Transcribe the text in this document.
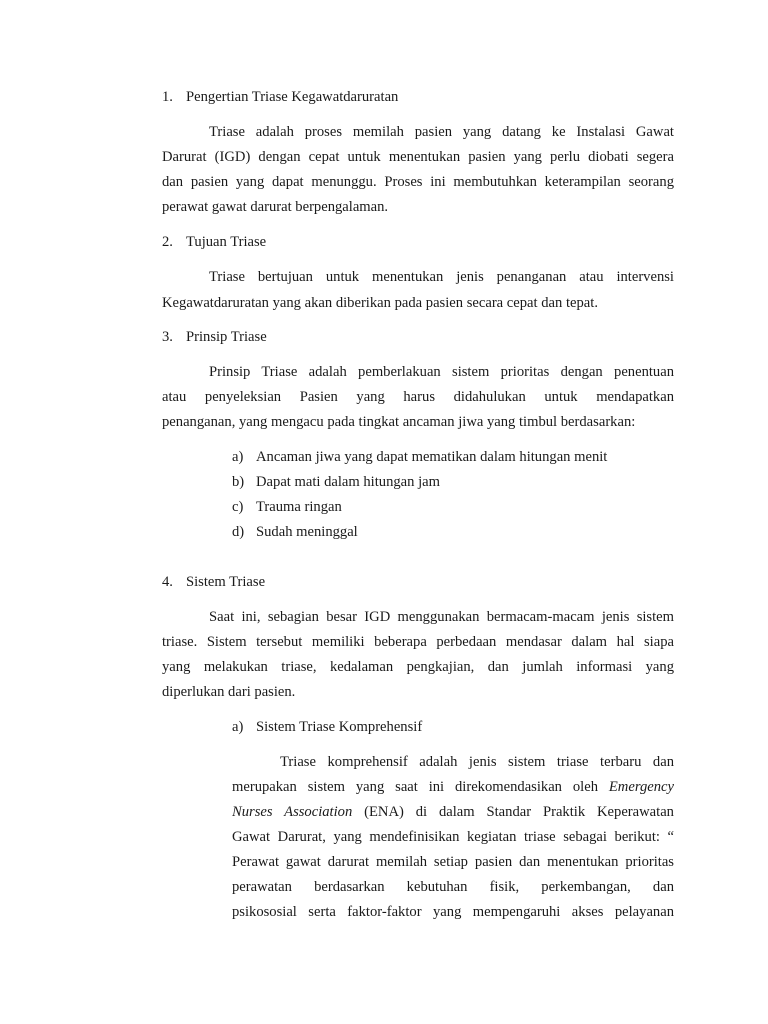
1. Pengertian Triase Kegawatdaruratan
Triase adalah proses memilah pasien yang datang ke Instalasi Gawat
Darurat (IGD) dengan cepat untuk menentukan pasien yang perlu diobati segera
dan pasien yang dapat menunggu. Proses ini membutuhkan keterampilan seorang
perawat gawat darurat berpengalaman.
2. Tujuan Triase
Triase bertujuan untuk menentukan jenis penanganan atau intervensi
Kegawatdaruratan yang akan diberikan pada pasien secara cepat dan tepat.
3. Prinsip Triase
Prinsip Triase adalah pemberlakuan sistem prioritas dengan penentuan
atau penyeleksian Pasien yang harus didahulukan untuk mendapatkan
penanganan, yang mengacu pada tingkat ancaman jiwa yang timbul berdasarkan:
a) Ancaman jiwa yang dapat mematikan dalam hitungan menit
b) Dapat mati dalam hitungan jam
c) Trauma ringan
d) Sudah meninggal
4. Sistem Triase
Saat ini, sebagian besar IGD menggunakan bermacam-macam jenis sistem
triase. Sistem tersebut memiliki beberapa perbedaan mendasar dalam hal siapa
yang melakukan triase, kedalaman pengkajian, dan jumlah informasi yang
diperlukan dari pasien.
a) Sistem Triase Komprehensif
Triase komprehensif adalah jenis sistem triase terbaru dan
merupakan sistem yang saat ini direkomendasikan oleh Emergency
Nurses Association (ENA) di dalam Standar Praktik Keperawatan
Gawat Darurat, yang mendefinisikan kegiatan triase sebagai berikut: “
Perawat gawat darurat memilah setiap pasien dan menentukan prioritas
perawatan berdasarkan kebutuhan fisik, perkembangan, dan
psikososial serta faktor-faktor yang mempengaruhi akses pelayanan
